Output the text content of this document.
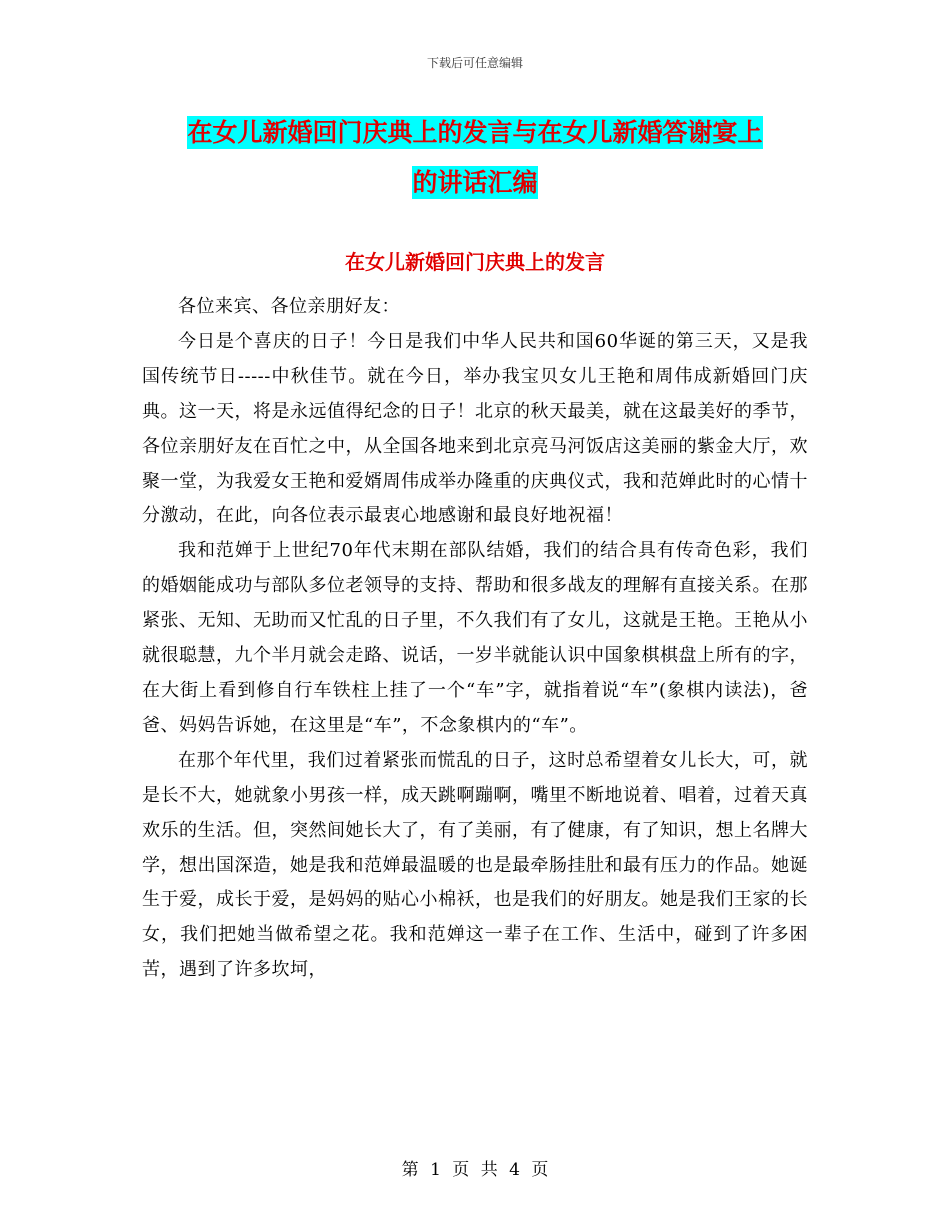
下载后可任意编辑
在女儿新婚回门庆典上的发言与在女儿新婚答谢宴上
的讲话汇编
在女儿新婚回门庆典上的发言

各位来宾、各位亲朋好友：

今日是个喜庆的日子！今日是我们中华人民共和国60华诞的第三天，又是我国传统节日-----中秋佳节。就在今日，举办我宝贝女儿王艳和周伟成新婚回门庆典。这一天，将是永远值得纪念的日子！北京的秋天最美，就在这最美好的季节，各位亲朋好友在百忙之中，从全国各地来到北京亮马河饭店这美丽的紫金大厅，欢聚一堂，为我爱女王艳和爱婿周伟成举办隆重的庆典仪式，我和范婵此时的心情十分激动，在此，向各位表示最衷心地感谢和最良好地祝福！

我和范婵于上世纪70年代末期在部队结婚，我们的结合具有传奇色彩，我们的婚姻能成功与部队多位老领导的支持、帮助和很多战友的理解有直接关系。在那紧张、无知、无助而又忙乱的日子里，不久我们有了女儿，这就是王艳。王艳从小就很聪慧，九个半月就会走路、说话，一岁半就能认识中国象棋棋盘上所有的字，在大街上看到修自行车铁柱上挂了一个“车”字，就指着说“车”(象棋内读法)，爸爸、妈妈告诉她，在这里是“车”，不念象棋内的“车”。

在那个年代里，我们过着紧张而慌乱的日子，这时总希望着女儿长大，可，就是长不大，她就象小男孩一样，成天跳啊蹦啊，嘴里不断地说着、唱着，过着天真欢乐的生活。但，突然间她长大了，有了美丽，有了健康，有了知识，想上名牌大学，想出国深造，她是我和范婵最温暖的也是最牵肠挂肚和最有压力的作品。她诞生于爱，成长于爱，是妈妈的贴心小棉袄，也是我们的好朋友。她是我们王家的长女，我们把她当做希望之花。我和范婵这一辈子在工作、生活中，碰到了许多困苦，遇到了许多坎坷，

第 1 页 共 4 页
